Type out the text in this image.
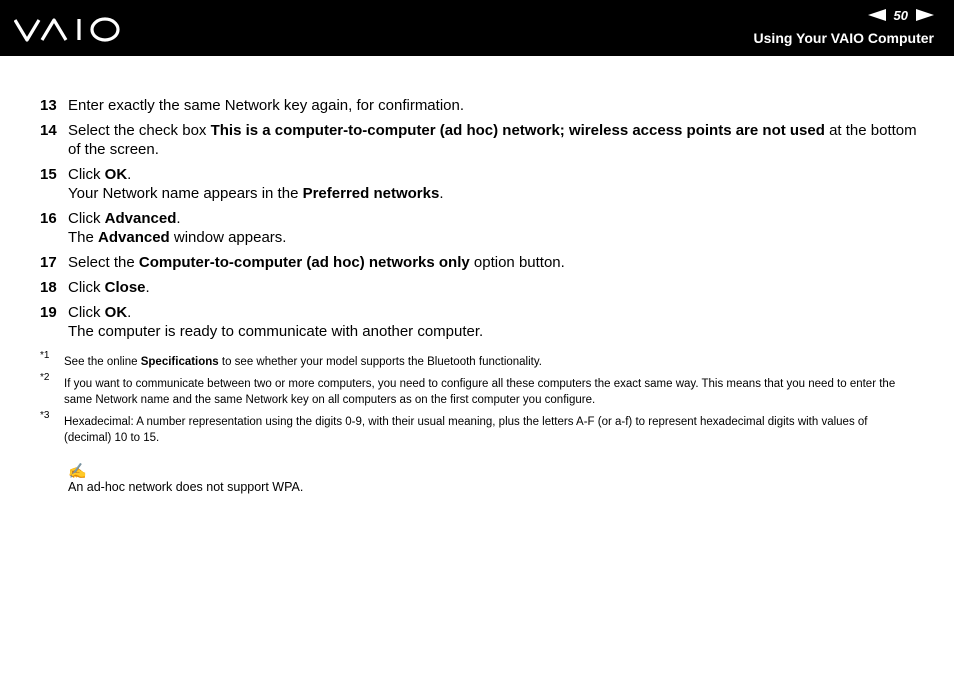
50
Using Your VAIO Computer
13 Enter exactly the same Network key again, for confirmation.
14 Select the check box This is a computer-to-computer (ad hoc) network; wireless access points are not used at the bottom of the screen.
15 Click OK.
Your Network name appears in the Preferred networks.
16 Click Advanced.
The Advanced window appears.
17 Select the Computer-to-computer (ad hoc) networks only option button.
18 Click Close.
19 Click OK.
The computer is ready to communicate with another computer.
*1
See the online Specifications to see whether your model supports the Bluetooth functionality.
*2
If you want to communicate between two or more computers, you need to configure all these computers the exact same way. This means that you need to enter the same Network name and the same Network key on all computers as on the first computer you configure.
*3
Hexadecimal: A number representation using the digits 0-9, with their usual meaning, plus the letters A-F (or a-f) to represent hexadecimal digits with values of (decimal) 10 to 15.
✍
An ad-hoc network does not support WPA.
